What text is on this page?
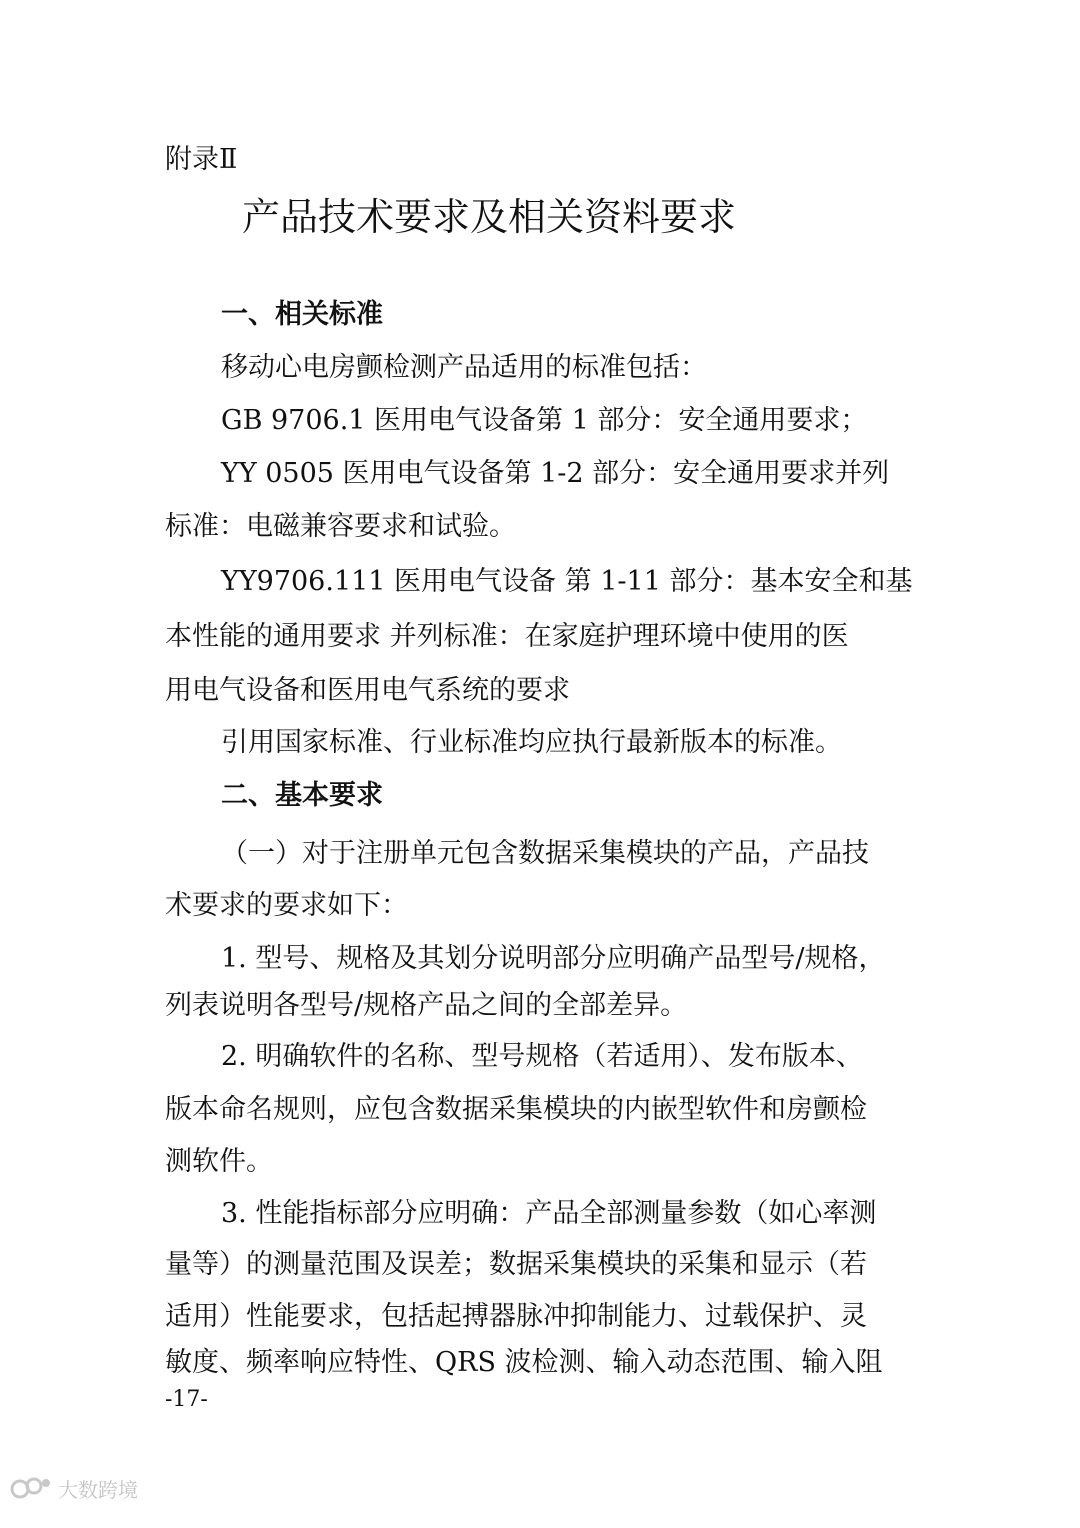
附录Ⅱ
产品技术要求及相关资料要求
一、相关标准
移动心电房颤检测产品适用的标准包括：
GB 9706.1 医用电气设备第 1 部分：安全通用要求；
YY 0505 医用电气设备第 1-2 部分：安全通用要求并列
标准：电磁兼容要求和试验。
YY9706.111 医用电气设备 第 1-11 部分：基本安全和基
本性能的通用要求 并列标准：在家庭护理环境中使用的医
用电气设备和医用电气系统的要求
引用国家标准、行业标准均应执行最新版本的标准。
二、基本要求
（一）对于注册单元包含数据采集模块的产品，产品技
术要求的要求如下：
1. 型号、规格及其划分说明部分应明确产品型号/规格，
列表说明各型号/规格产品之间的全部差异。
2. 明确软件的名称、型号规格（若适用）、发布版本、
版本命名规则，应包含数据采集模块的内嵌型软件和房颤检
测软件。
3. 性能指标部分应明确：产品全部测量参数（如心率测
量等）的测量范围及误差；数据采集模块的采集和显示（若
适用）性能要求，包括起搏器脉冲抑制能力、过载保护、灵
敏度、频率响应特性、QRS 波检测、输入动态范围、输入阻
-17-
大数跨境
